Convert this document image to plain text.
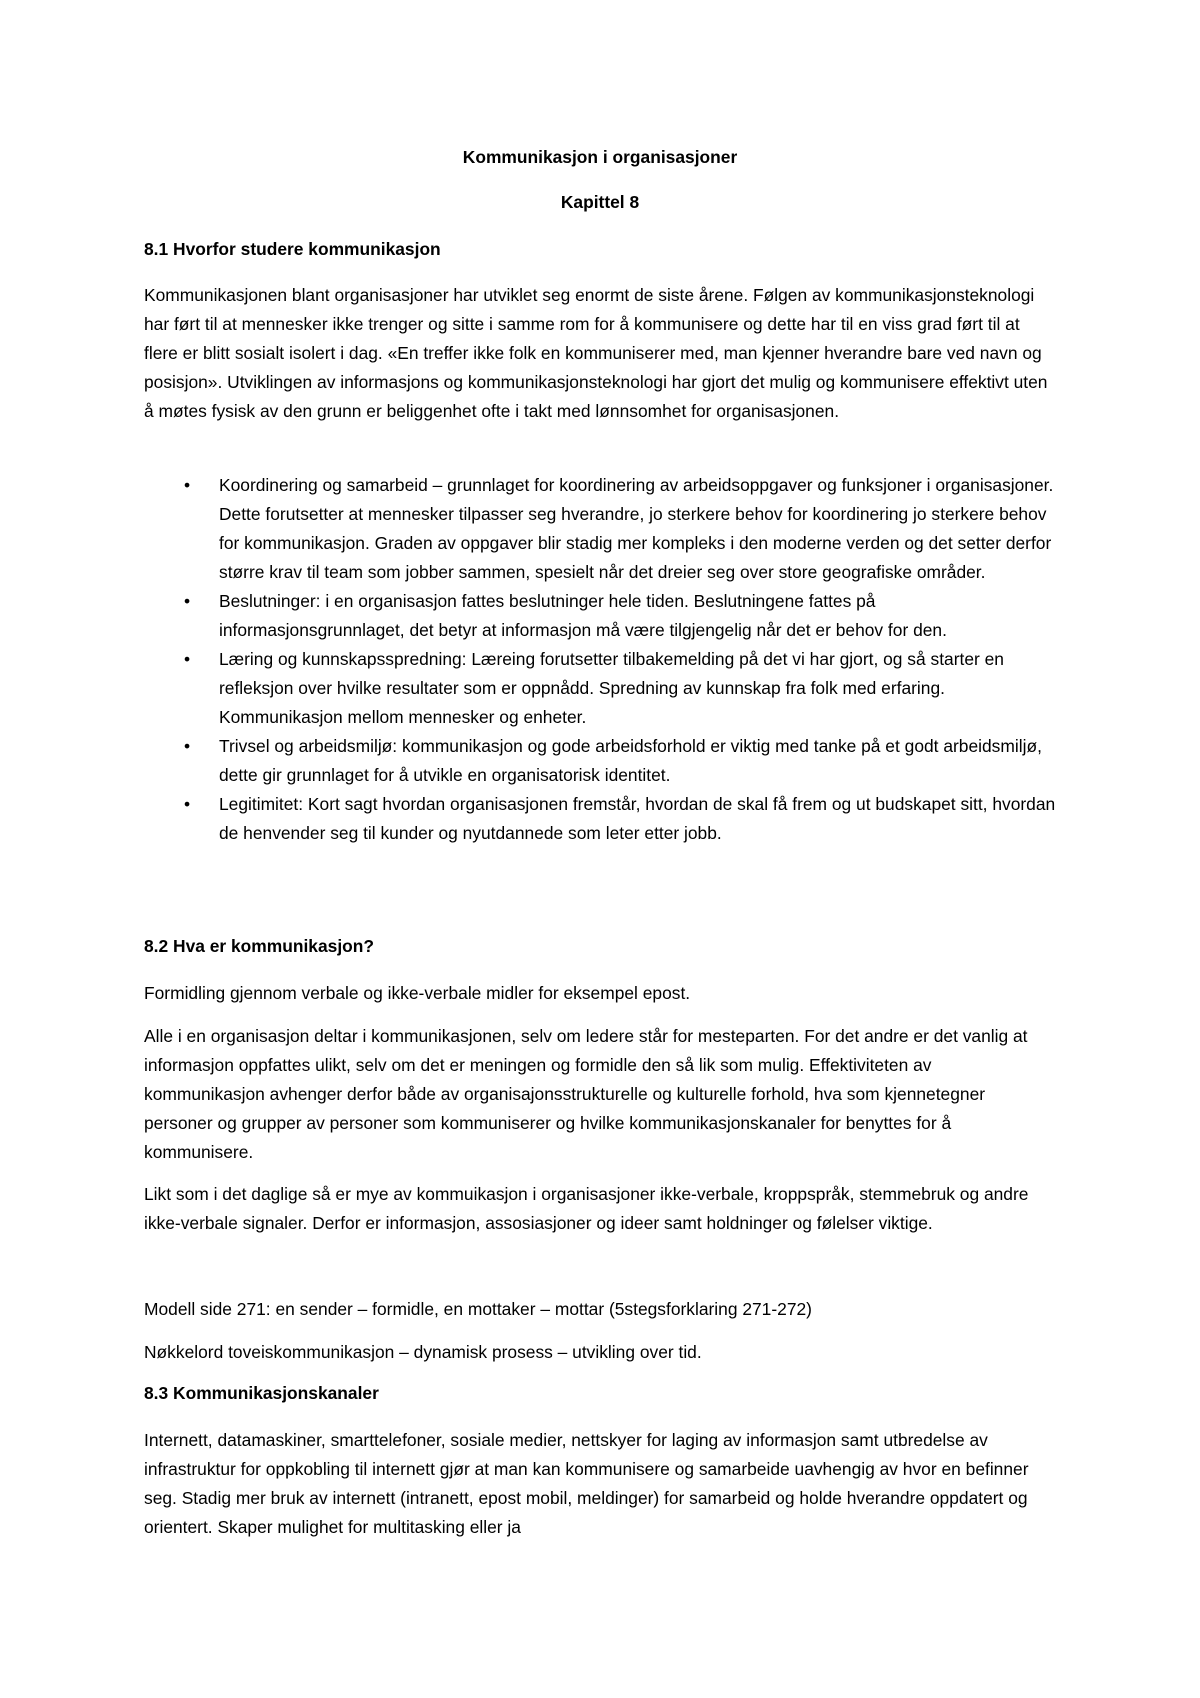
Kommunikasjon i organisasjoner

Kapittel 8

8.1 Hvorfor studere kommunikasjon

Kommunikasjonen blant organisasjoner har utviklet seg enormt de siste årene. Følgen av kommunikasjonsteknologi har ført til at mennesker ikke trenger og sitte i samme rom for å kommunisere og dette har til en viss grad ført til at flere er blitt sosialt isolert i dag. «En treffer ikke folk en kommuniserer med, man kjenner hverandre bare ved navn og posisjon». Utviklingen av informasjons og kommunikasjonsteknologi har gjort det mulig og kommunisere effektivt uten å møtes fysisk av den grunn er beliggenhet ofte i takt med lønnsomhet for organisasjonen.

• Koordinering og samarbeid – grunnlaget for koordinering av arbeidsoppgaver og funksjoner i organisasjoner. Dette forutsetter at mennesker tilpasser seg hverandre, jo sterkere behov for koordinering jo sterkere behov for kommunikasjon. Graden av oppgaver blir stadig mer kompleks i den moderne verden og det setter derfor større krav til team som jobber sammen, spesielt når det dreier seg over store geografiske områder.
• Beslutninger: i en organisasjon fattes beslutninger hele tiden. Beslutningene fattes på informasjonsgrunnlaget, det betyr at informasjon må være tilgjengelig når det er behov for den.
• Læring og kunnskapsspredning: Læreing forutsetter tilbakemelding på det vi har gjort, og så starter en refleksjon over hvilke resultater som er oppnådd. Spredning av kunnskap fra folk med erfaring. Kommunikasjon mellom mennesker og enheter.
• Trivsel og arbeidsmiljø: kommunikasjon og gode arbeidsforhold er viktig med tanke på et godt arbeidsmiljø, dette gir grunnlaget for å utvikle en organisatorisk identitet.
• Legitimitet: Kort sagt hvordan organisasjonen fremstår, hvordan de skal få frem og ut budskapet sitt, hvordan de henvender seg til kunder og nyutdannede som leter etter jobb.

8.2 Hva er kommunikasjon?

Formidling gjennom verbale og ikke-verbale midler for eksempel epost.

Alle i en organisasjon deltar i kommunikasjonen, selv om ledere står for mesteparten. For det andre er det vanlig at informasjon oppfattes ulikt, selv om det er meningen og formidle den så lik som mulig. Effektiviteten av kommunikasjon avhenger derfor både av organisajonsstrukturelle og kulturelle forhold, hva som kjennetegner personer og grupper av personer som kommuniserer og hvilke kommunikasjonskanaler for benyttes for å kommunisere.

Likt som i det daglige så er mye av kommuikasjon i organisasjoner ikke-verbale, kroppspråk, stemmebruk og andre ikke-verbale signaler. Derfor er informasjon, assosiasjoner og ideer samt holdninger og følelser viktige.

Modell side 271: en sender – formidle, en mottaker – mottar (5stegsforklaring 271-272)

Nøkkelord toveiskommunikasjon – dynamisk prosess – utvikling over tid.

8.3 Kommunikasjonskanaler

Internett, datamaskiner, smarttelefoner, sosiale medier, nettskyer for laging av informasjon samt utbredelse av infrastruktur for oppkobling til internett gjør at man kan kommunisere og samarbeide uavhengig av hvor en befinner seg. Stadig mer bruk av internett (intranett, epost mobil, meldinger) for samarbeid og holde hverandre oppdatert og orientert. Skaper mulighet for multitasking eller ja
